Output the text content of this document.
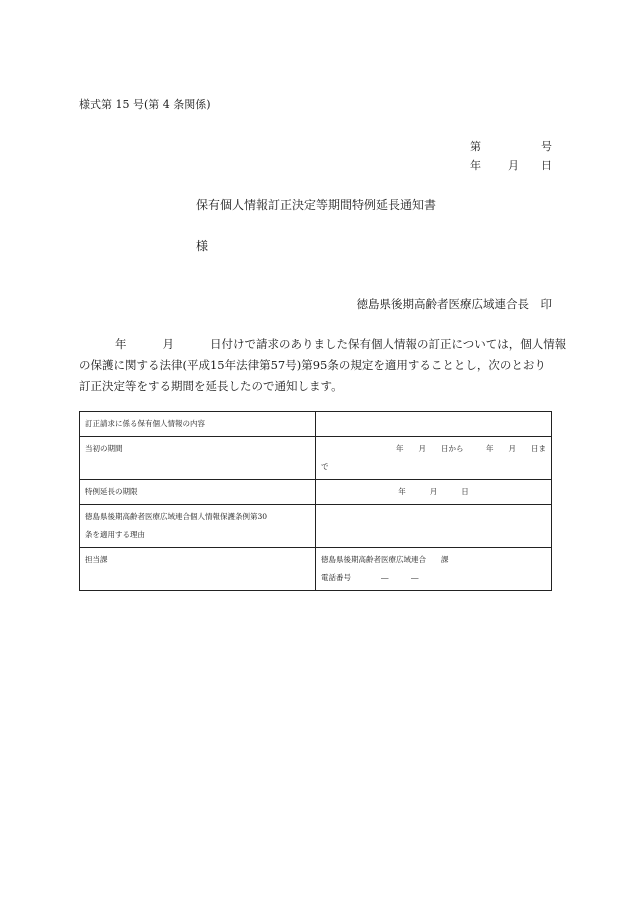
様式第 15 号(第 4 条関係)
第	号
年 月 日
保有個人情報訂正決定等期間特例延長通知書
様
徳島県後期高齢者医療広域連合長　印
年	月	日付けで請求のありました保有個人情報の訂正については，個人情報
の保護に関する法律(平成15年法律第57号)第95条の規定を適用することとし，次のとおり
訂正決定等をする期間を延長したので通知します。
訂正請求に係る保有個人情報の内容	
当初の期間	年　　月　　日から　　　年　　月　　日ま
で

特例延長の期限	年 月 日

徳島県後期高齢者医療広域連合個人情報保護条例第30
条を適用する理由	

担当課	徳島県後期高齢者医療広域連合　　課
電話番号　　　　―　　　―
